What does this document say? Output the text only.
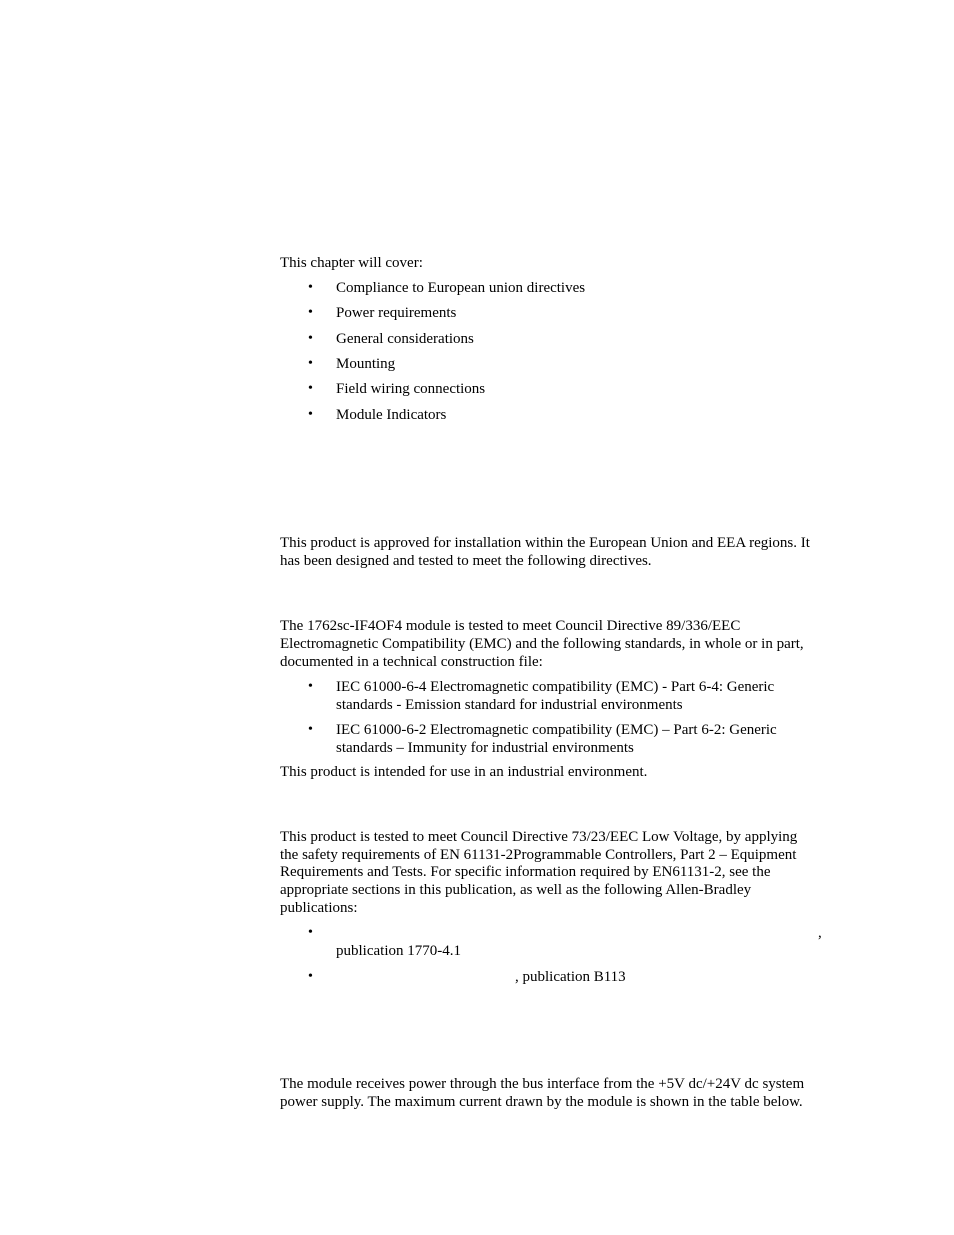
This chapter will cover:

•	Compliance to European union directives
•	Power requirements
•	General considerations
•	Mounting
•	Field wiring connections
•	Module Indicators

This product is approved for installation within the European Union and EEA regions. It

has been designed and tested to meet the following directives.

The 1762sc-IF4OF4 module is tested to meet Council Directive 89/336/EEC

Electromagnetic Compatibility (EMC) and the following standards, in whole or in part,

documented in a technical construction file:

•	IEC 61000-6-4 Electromagnetic compatibility (EMC) - Part 6-4: Generic
standards - Emission standard for industrial environments
•	IEC 61000-6-2 Electromagnetic compatibility (EMC) – Part 6-2: Generic
standards – Immunity for industrial environments

This product is intended for use in an industrial environment.

This product is tested to meet Council Directive 73/23/EEC Low Voltage, by applying

the safety requirements of EN 61131-2Programmable Controllers, Part 2 – Equipment

Requirements and Tests. For specific information required by EN61131-2, see the

appropriate sections in this publication, as well as the following Allen-Bradley

publications:

•	,
publication 1770-4.1
•	, publication B113

The module receives power through the bus interface from the +5V dc/+24V dc system

power supply. The maximum current drawn by the module is shown in the table below.
